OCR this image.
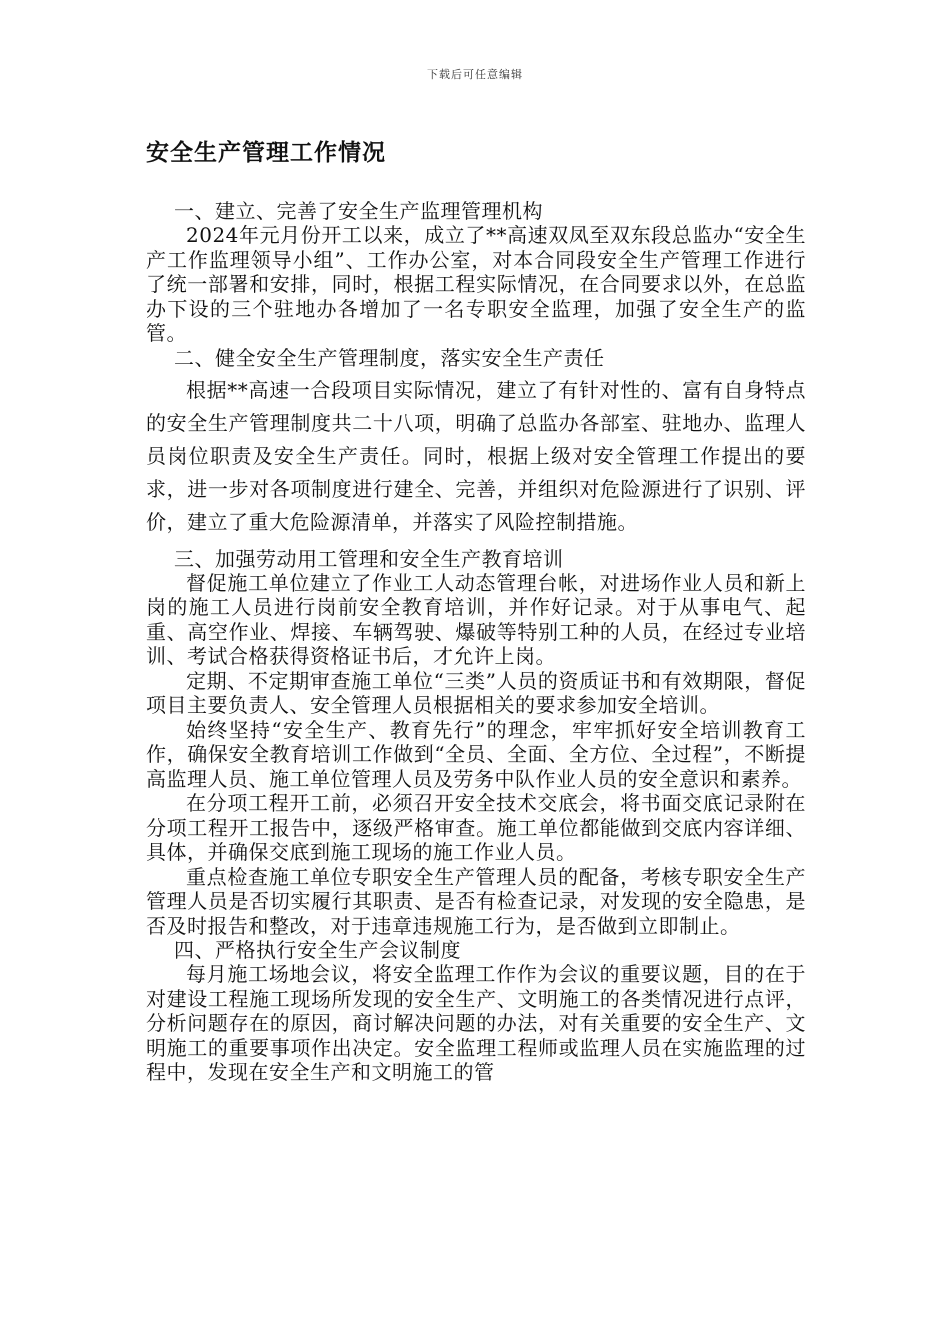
下载后可任意编辑
安全生产管理工作情况

一、建立、完善了安全生产监理管理机构

2024年元月份开工以来，成立了**高速双凤至双东段总监办“安全生产工作监理领导小组”、工作办公室，对本合同段安全生产管理工作进行了统一部署和安排，同时，根据工程实际情况，在合同要求以外，在总监办下设的三个驻地办各增加了一名专职安全监理，加强了安全生产的监管。

二、健全安全生产管理制度，落实安全生产责任

根据**高速一合段项目实际情况，建立了有针对性的、富有自身特点的安全生产管理制度共二十八项，明确了总监办各部室、驻地办、监理人员岗位职责及安全生产责任。同时，根据上级对安全管理工作提出的要求，进一步对各项制度进行建全、完善，并组织对危险源进行了识别、评价，建立了重大危险源清单，并落实了风险控制措施。

三、加强劳动用工管理和安全生产教育培训

督促施工单位建立了作业工人动态管理台帐，对进场作业人员和新上岗的施工人员进行岗前安全教育培训，并作好记录。对于从事电气、起重、高空作业、焊接、车辆驾驶、爆破等特别工种的人员，在经过专业培训、考试合格获得资格证书后，才允许上岗。

定期、不定期审查施工单位“三类”人员的资质证书和有效期限，督促项目主要负责人、安全管理人员根据相关的要求参加安全培训。

始终坚持“安全生产、教育先行”的理念，牢牢抓好安全培训教育工作，确保安全教育培训工作做到“全员、全面、全方位、全过程”，不断提高监理人员、施工单位管理人员及劳务中队作业人员的安全意识和素养。

在分项工程开工前，必须召开安全技术交底会，将书面交底记录附在分项工程开工报告中，逐级严格审查。施工单位都能做到交底内容详细、具体，并确保交底到施工现场的施工作业人员。

重点检查施工单位专职安全生产管理人员的配备，考核专职安全生产管理人员是否切实履行其职责、是否有检查记录，对发现的安全隐患，是否及时报告和整改，对于违章违规施工行为，是否做到立即制止。

四、严格执行安全生产会议制度

每月施工场地会议，将安全监理工作作为会议的重要议题，目的在于对建设工程施工现场所发现的安全生产、文明施工的各类情况进行点评，分析问题存在的原因，商讨解决问题的办法，对有关重要的安全生产、文明施工的重要事项作出决定。安全监理工程师或监理人员在实施监理的过程中，发现在安全生产和文明施工的管
